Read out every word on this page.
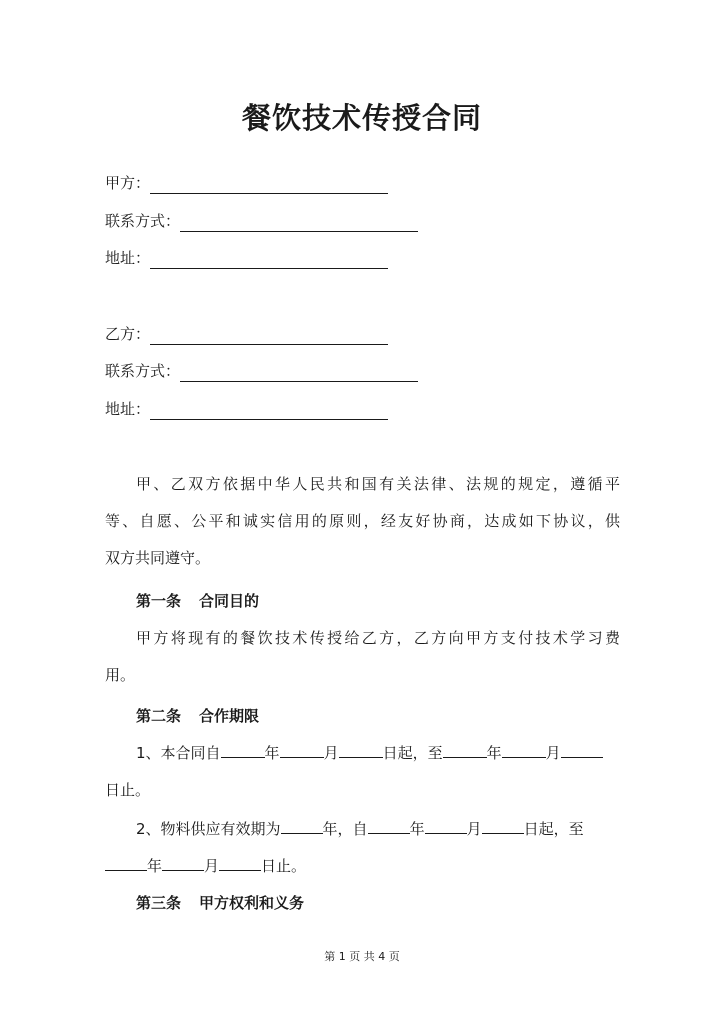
餐饮技术传授合同
甲方：
联系方式：
地址：
乙方：
联系方式：
地址：
甲、乙双方依据中华人民共和国有关法律、法规的规定，遵循平
等、自愿、公平和诚实信用的原则，经友好协商，达成如下协议，供
双方共同遵守。
第一条 合同目的
甲方将现有的餐饮技术传授给乙方，乙方向甲方支付技术学习费
用。
第二条 合作期限
1、本合同自	年	月	日起，至	年	月
日止。
2、物料供应有效期为	年，自	年	月	日起，至
年	月	日止。
第三条 甲方权利和义务
第 1 页 共 4 页
